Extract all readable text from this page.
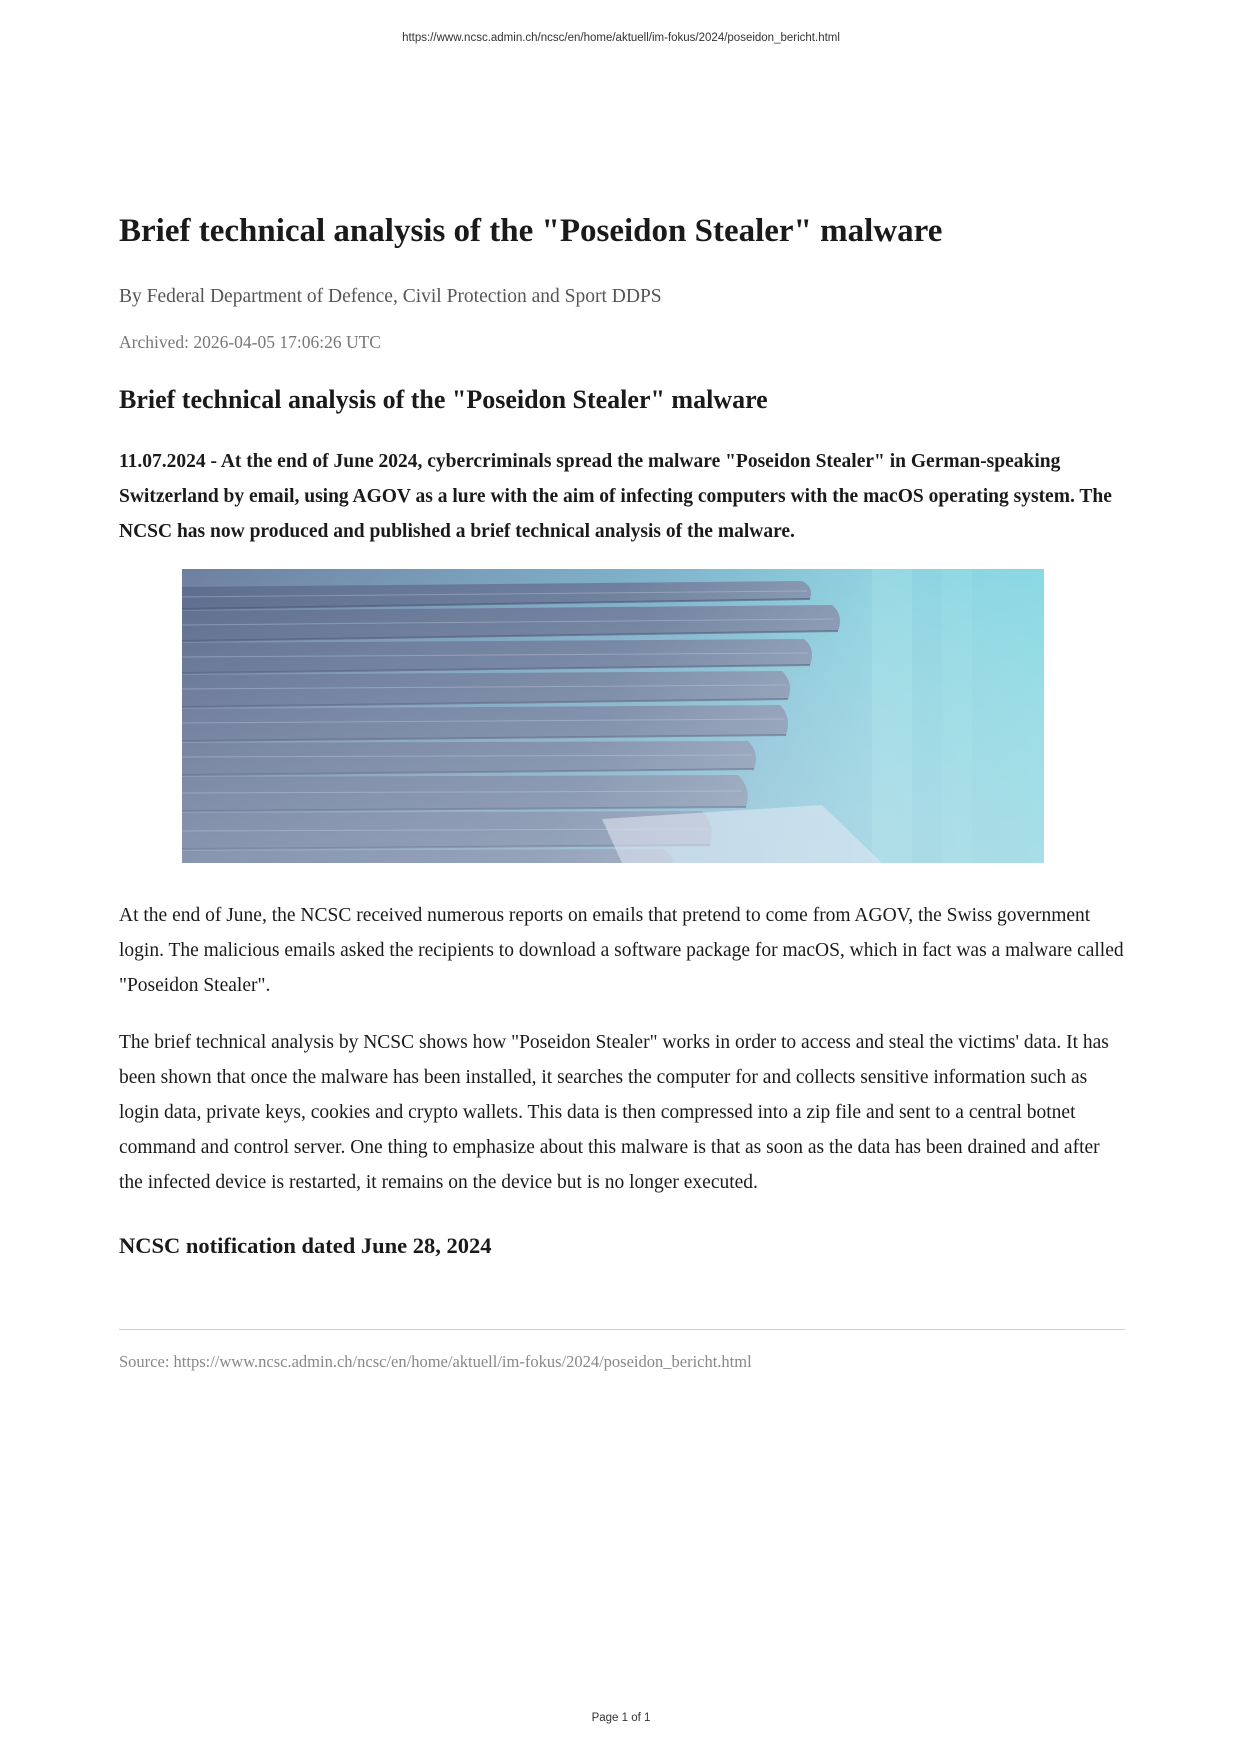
https://www.ncsc.admin.ch/ncsc/en/home/aktuell/im-fokus/2024/poseidon_bericht.html
Brief technical analysis of the "Poseidon Stealer" malware
By Federal Department of Defence, Civil Protection and Sport DDPS
Archived: 2026-04-05 17:06:26 UTC
Brief technical analysis of the "Poseidon Stealer" malware
11.07.2024 - At the end of June 2024, cybercriminals spread the malware "Poseidon Stealer" in German-speaking Switzerland by email, using AGOV as a lure with the aim of infecting computers with the macOS operating system. The NCSC has now produced and published a brief technical analysis of the malware.
At the end of June, the NCSC received numerous reports on emails that pretend to come from AGOV, the Swiss government login. The malicious emails asked the recipients to download a software package for macOS, which in fact was a malware called "Poseidon Stealer".
The brief technical analysis by NCSC shows how "Poseidon Stealer" works in order to access and steal the victims' data. It has been shown that once the malware has been installed, it searches the computer for and collects sensitive information such as login data, private keys, cookies and crypto wallets. This data is then compressed into a zip file and sent to a central botnet command and control server. One thing to emphasize about this malware is that as soon as the data has been drained and after the infected device is restarted, it remains on the device but is no longer executed.
NCSC notification dated June 28, 2024
Source: https://www.ncsc.admin.ch/ncsc/en/home/aktuell/im-fokus/2024/poseidon_bericht.html
Page 1 of 1
